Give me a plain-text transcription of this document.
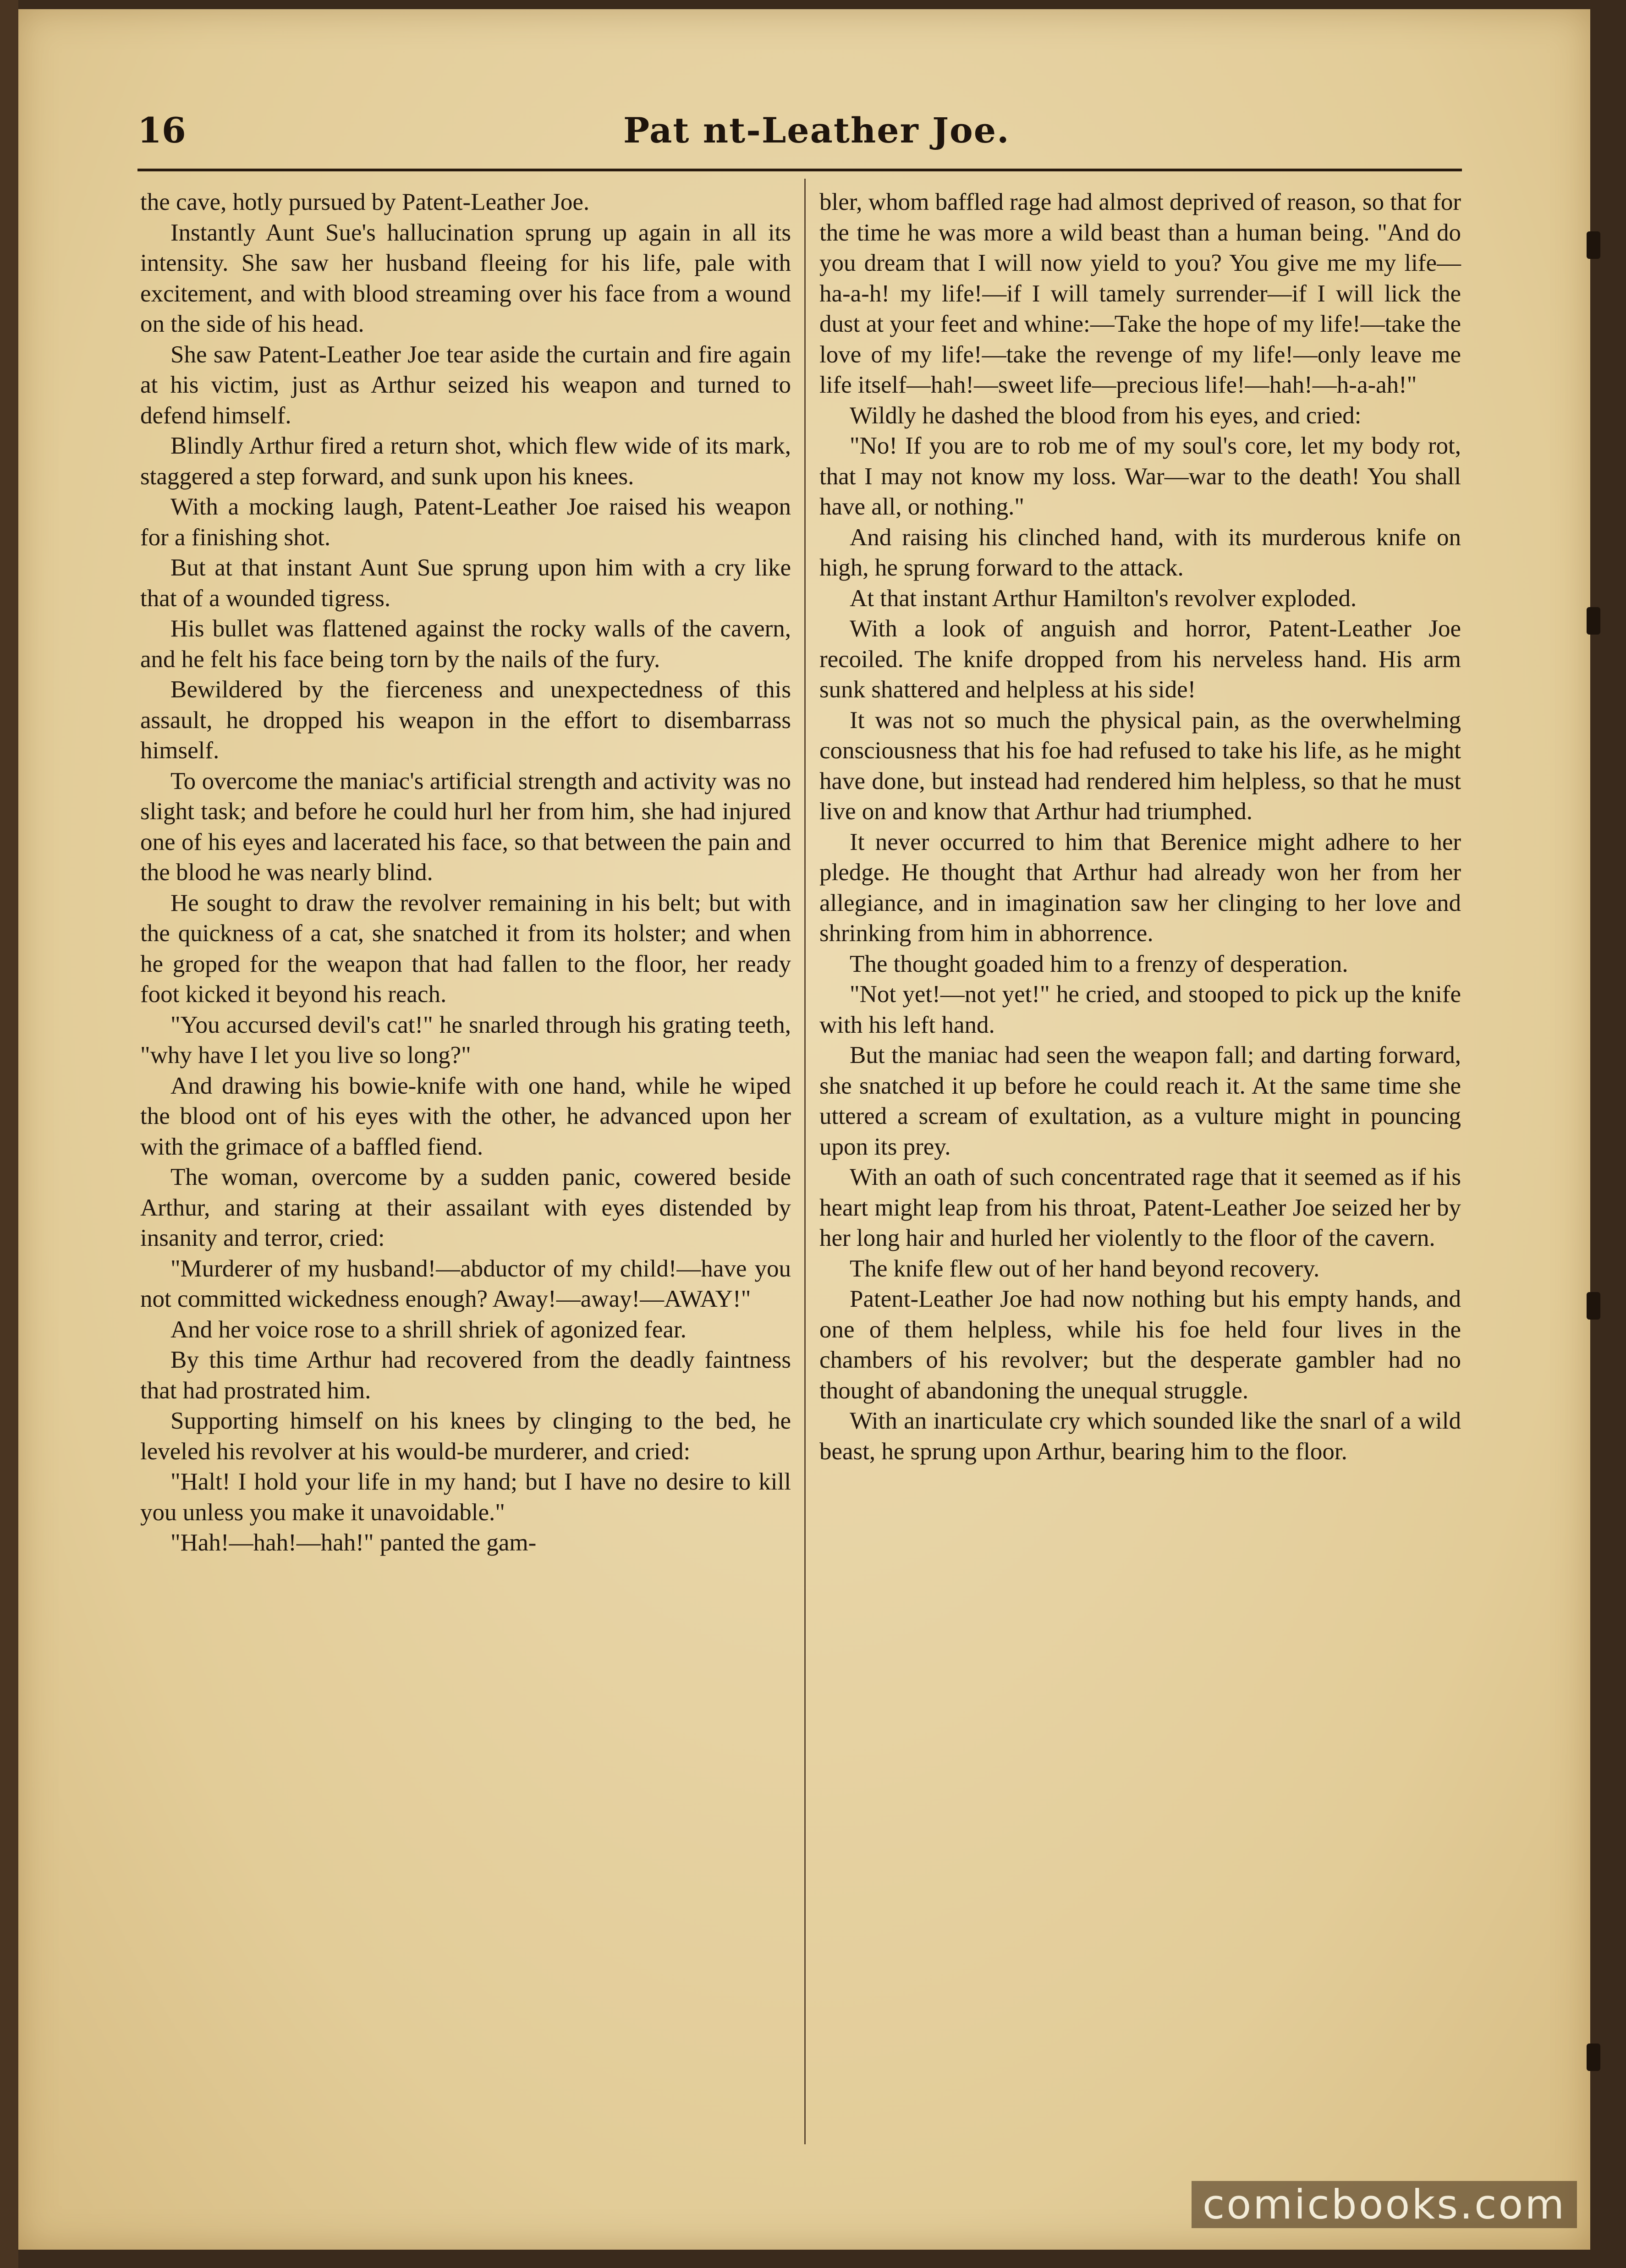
16	Pat nt-Leather Joe.

the cave, hotly pursued by Patent-Leather Joe.

Instantly Aunt Sue's hallucination sprung up again in all its intensity. She saw her husband fleeing for his life, pale with excitement, and with blood streaming over his face from a wound on the side of his head.

She saw Patent-Leather Joe tear aside the curtain and fire again at his victim, just as Arthur seized his weapon and turned to defend himself.

Blindly Arthur fired a return shot, which flew wide of its mark, staggered a step forward, and sunk upon his knees.

With a mocking laugh, Patent-Leather Joe raised his weapon for a finishing shot.

But at that instant Aunt Sue sprung upon him with a cry like that of a wounded tigress.

His bullet was flattened against the rocky walls of the cavern, and he felt his face being torn by the nails of the fury.

Bewildered by the fierceness and unexpectedness of this assault, he dropped his weapon in the effort to disembarrass himself.

To overcome the maniac's artificial strength and activity was no slight task; and before he could hurl her from him, she had injured one of his eyes and lacerated his face, so that between the pain and the blood he was nearly blind.

He sought to draw the revolver remaining in his belt; but with the quickness of a cat, she snatched it from its holster; and when he groped for the weapon that had fallen to the floor, her ready foot kicked it beyond his reach.

"You accursed devil's cat!" he snarled through his grating teeth, "why have I let you live so long?"

And drawing his bowie-knife with one hand, while he wiped the blood ont of his eyes with the other, he advanced upon her with the grimace of a baffled fiend.

The woman, overcome by a sudden panic, cowered beside Arthur, and staring at their assailant with eyes distended by insanity and terror, cried:

"Murderer of my husband!—abductor of my child!—have you not committed wickedness enough? Away!—away!—AWAY!"

And her voice rose to a shrill shriek of agonized fear.

By this time Arthur had recovered from the deadly faintness that had prostrated him.

Supporting himself on his knees by clinging to the bed, he leveled his revolver at his would-be murderer, and cried:

"Halt! I hold your life in my hand; but I have no desire to kill you unless you make it unavoidable."

"Hah!—hah!—hah!" panted the gam-

bler, whom baffled rage had almost deprived of reason, so that for the time he was more a wild beast than a human being. "And do you dream that I will now yield to you? You give me my life—ha-a-h! my life!—if I will tamely surrender—if I will lick the dust at your feet and whine:—Take the hope of my life!—take the love of my life!—take the revenge of my life!—only leave me life itself—hah!—sweet life—precious life!—hah!—h-a-ah!"

Wildly he dashed the blood from his eyes, and cried:

"No! If you are to rob me of my soul's core, let my body rot, that I may not know my loss. War—war to the death! You shall have all, or nothing."

And raising his clinched hand, with its murderous knife on high, he sprung forward to the attack.

At that instant Arthur Hamilton's revolver exploded.

With a look of anguish and horror, Patent-Leather Joe recoiled. The knife dropped from his nerveless hand. His arm sunk shattered and helpless at his side!

It was not so much the physical pain, as the overwhelming consciousness that his foe had refused to take his life, as he might have done, but instead had rendered him helpless, so that he must live on and know that Arthur had triumphed.

It never occurred to him that Berenice might adhere to her pledge. He thought that Arthur had already won her from her allegiance, and in imagination saw her clinging to her love and shrinking from him in abhorrence.

The thought goaded him to a frenzy of desperation.

"Not yet!—not yet!" he cried, and stooped to pick up the knife with his left hand.

But the maniac had seen the weapon fall; and darting forward, she snatched it up before he could reach it. At the same time she uttered a scream of exultation, as a vulture might in pouncing upon its prey.

With an oath of such concentrated rage that it seemed as if his heart might leap from his throat, Patent-Leather Joe seized her by her long hair and hurled her violently to the floor of the cavern.

The knife flew out of her hand beyond recovery.

Patent-Leather Joe had now nothing but his empty hands, and one of them helpless, while his foe held four lives in the chambers of his revolver; but the desperate gambler had no thought of abandoning the unequal struggle.

With an inarticulate cry which sounded like the snarl of a wild beast, he sprung upon Arthur, bearing him to the floor.

comicbooks.com
